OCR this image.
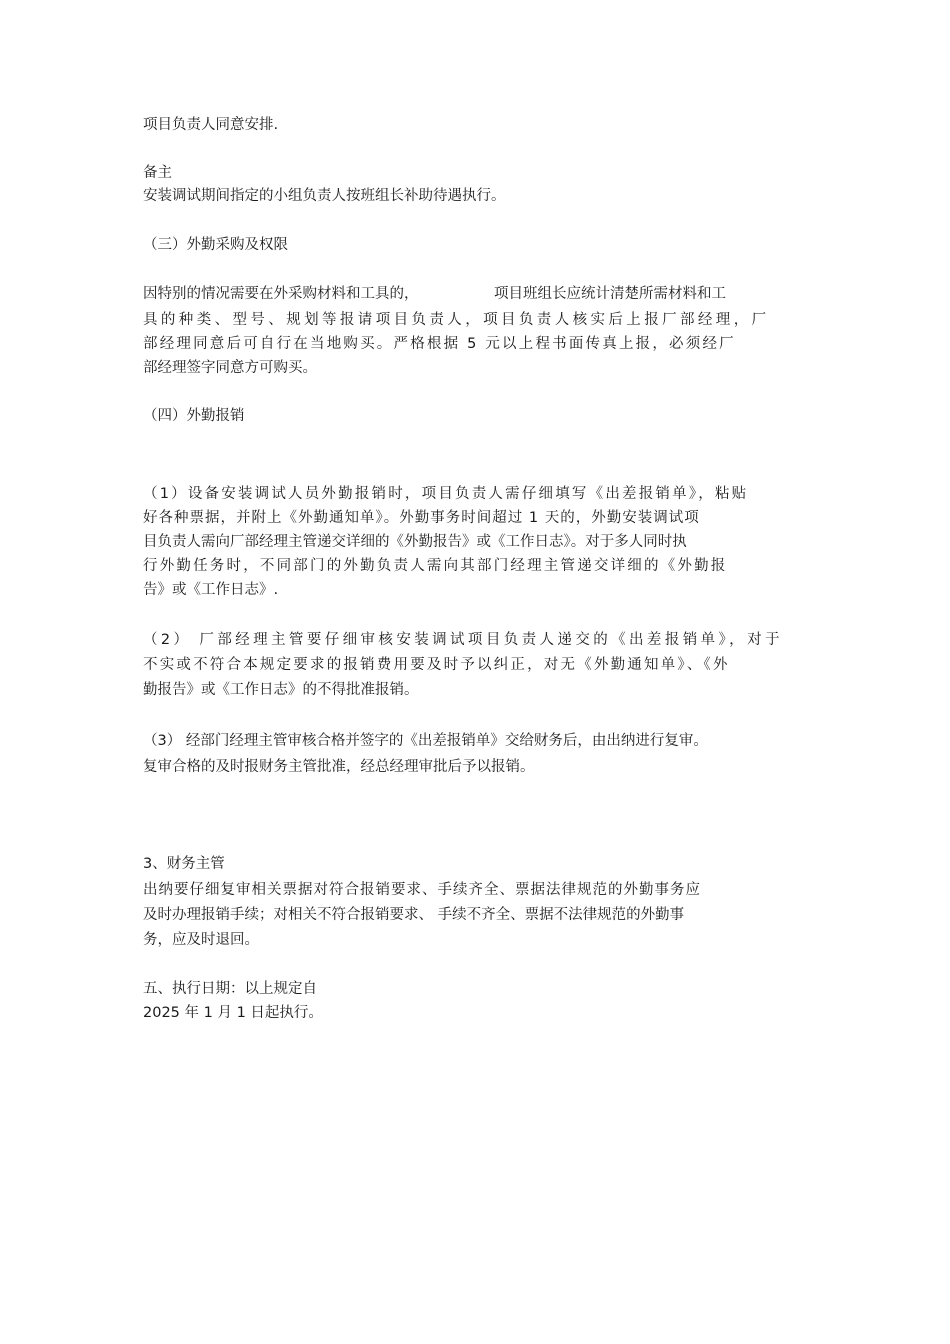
项目负责人同意安排.
备主
安装调试期间指定的小组负责人按班组长补助待遇执行。
（三）外勤采购及权限
因特别的情况需要在外采购材料和工具的，	项目班组长应统计清楚所需材料和工
具的种类、型号、规划等报请项目负责人，项目负责人核实后上报厂部经理，厂
部经理同意后可自行在当地购买。严格根据 5 元以上程书面传真上报，必须经厂
部经理签字同意方可购买。
（四）外勤报销
（1）设备安装调试人员外勤报销时，项目负责人需仔细填写《出差报销单》，粘贴
好各种票据，并附上《外勤通知单》。外勤事务时间超过 1 天的，外勤安装调试项
目负责人需向厂部经理主管递交详细的《外勤报告》或《工作日志》。对于多人同时执
行外勤任务时，不同部门的外勤负责人需向其部门经理主管递交详细的《外勤报
告》或《工作日志》.
（2） 厂部经理主管要仔细审核安装调试项目负责人递交的《出差报销单》，对于
不实或不符合本规定要求的报销费用要及时予以纠正，对无《外勤通知单》、《外
勤报告》或《工作日志》的不得批准报销。
（3） 经部门经理主管审核合格并签字的《出差报销单》交给财务后，由出纳进行复审。
复审合格的及时报财务主管批准，经总经理审批后予以报销。
3、财务主管
出纳要仔细复审相关票据对符合报销要求、手续齐全、票据法律规范的外勤事务应
及时办理报销手续；对相关不符合报销要求、 手续不齐全、票据不法律规范的外勤事
务，应及时退回。
五、执行日期：以上规定自
2025 年 1 月 1 日起执行。
